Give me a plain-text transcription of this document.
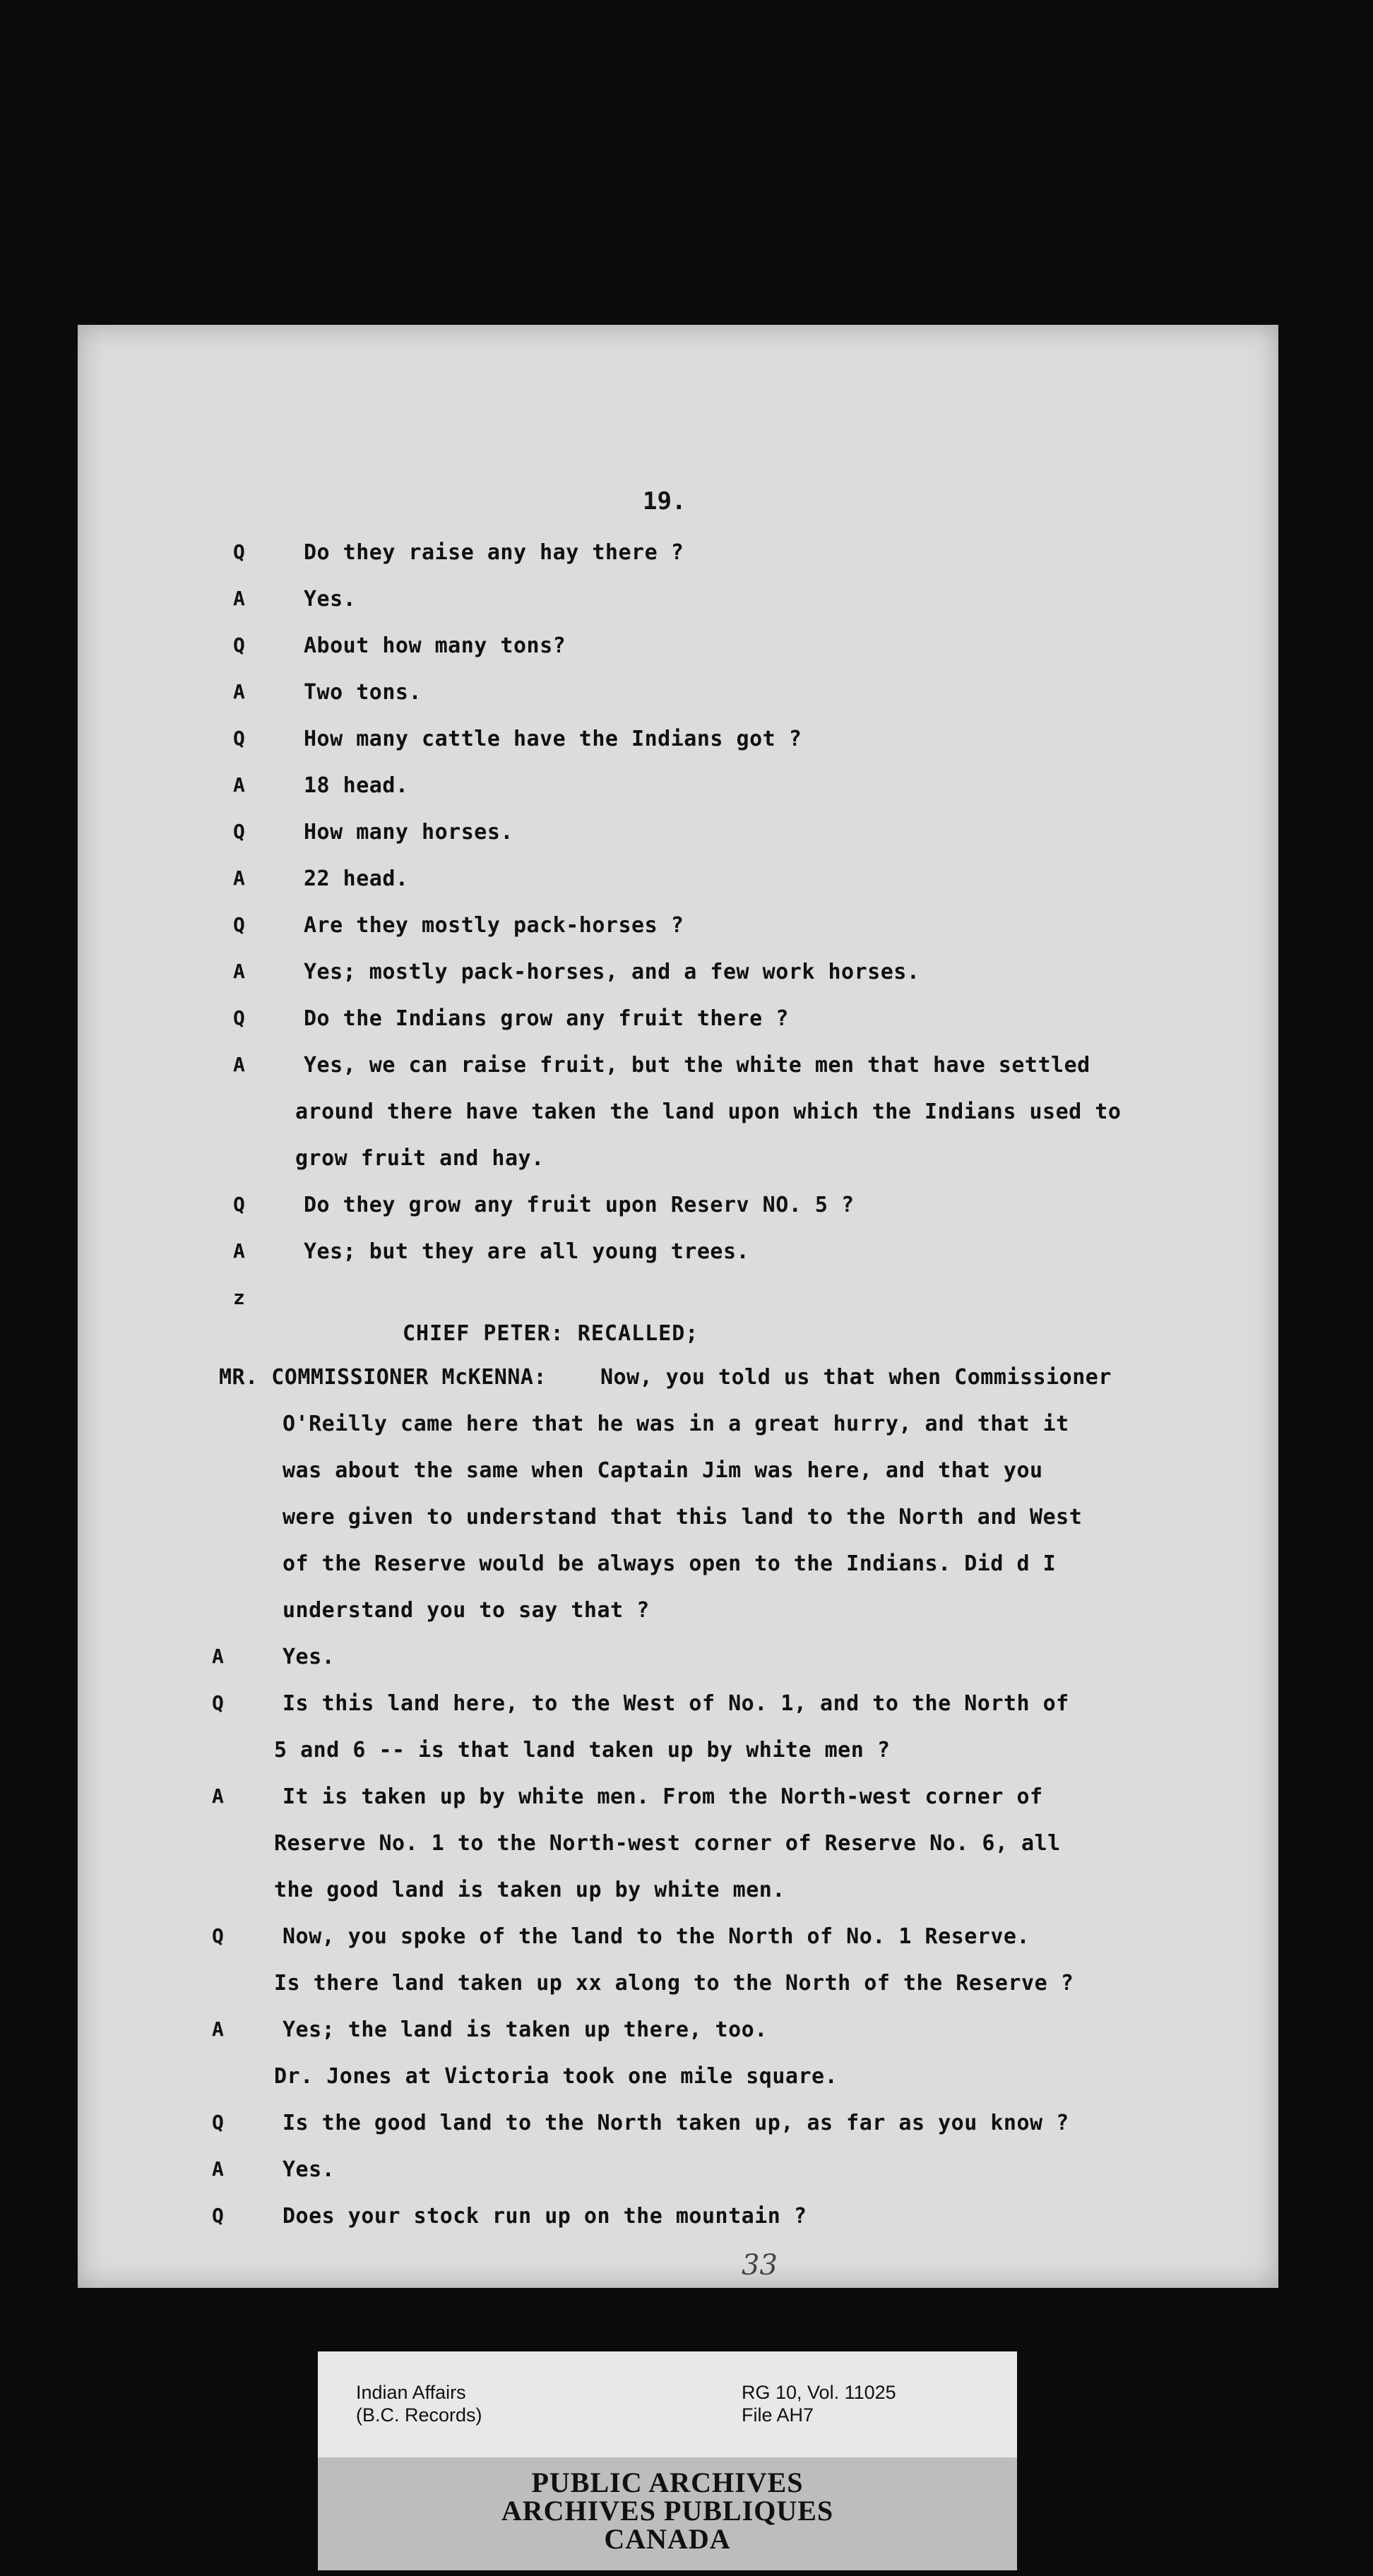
19.
Q	Do they raise any hay there ?
A	Yes.
Q	About how many tons?
A	Two tons.
Q	How many cattle have the Indians got ?
A	18 head.
Q	How many horses.
A	22 head.
Q	Are they mostly pack-horses ?
A	Yes; mostly pack-horses, and a few work horses.
Q	Do the Indians grow any fruit there ?
A	Yes, we can raise fruit, but the white men that have settled
around there have taken the land upon which the Indians used to
grow fruit and hay.
Q	Do they grow any fruit upon Reserv NO. 5 ?
A	Yes; but they are all young trees.
z
CHIEF PETER: RECALLED;
MR. COMMISSIONER McKENNA:	Now, you told us that when Commissioner
O'Reilly came here that he was in a great hurry, and that it
was about the same when Captain Jim was here, and that you
were given to understand that this land to the North and West
of the Reserve would be always open to the Indians. Did d I
understand you to say that ?
A	Yes.
Q	Is this land here, to the West of No. 1, and to the North of
5 and 6 -- is that land taken up by white men ?
A	It is taken up by white men. From the North-west corner of
Reserve No. 1 to the North-west corner of Reserve No. 6, all
the good land is taken up by white men.
Q	Now, you spoke of the land to the North of No. 1 Reserve.
Is there land taken up xx along to the North of the Reserve ?
A	Yes; the land is taken up there, too.
Dr. Jones at Victoria took one mile square.
Q	Is the good land to the North taken up, as far as you know ?
A	Yes.
Q	Does your stock run up on the mountain ?
33
Indian Affairs
(B.C. Records)
RG 10, Vol. 11025
File AH7
PUBLIC ARCHIVES
ARCHIVES PUBLIQUES
CANADA
